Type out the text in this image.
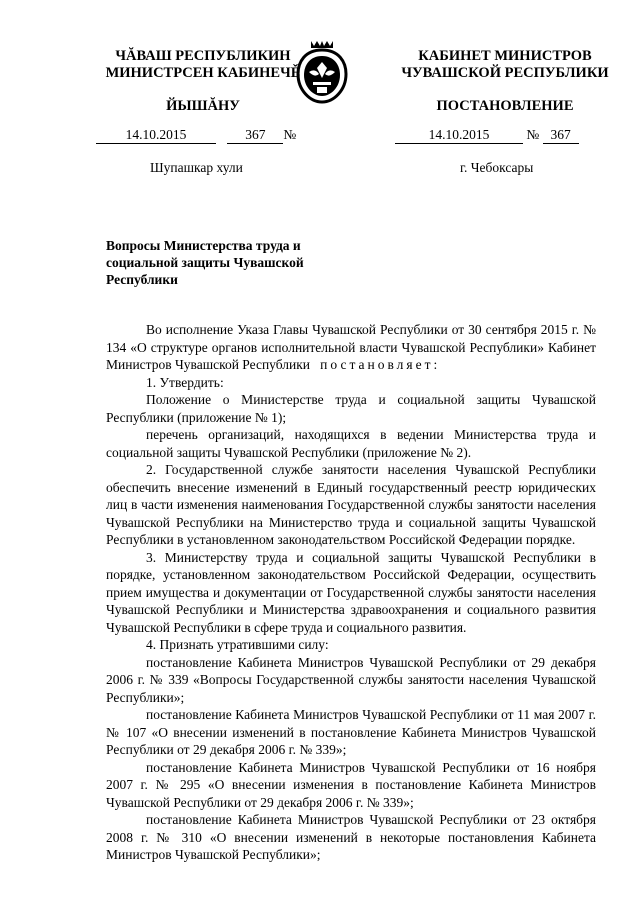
ЧĂВАШ РЕСПУБЛИКИН
МИНИСТРСЕН КАБИНЕЧĚ
ЙЫШĂНУ
КАБИНЕТ МИНИСТРОВ
ЧУВАШСКОЙ РЕСПУБЛИКИ
ПОСТАНОВЛЕНИЕ
14.10.2015	367 №	14.10.2015	№ 367
Шупашкар хули	г. Чебоксары
Вопросы Министерства труда и социальной защиты Чувашской Республики

Во исполнение Указа Главы Чувашской Республики от 30 сентября 2015 г. № 134 «О структуре органов исполнительной власти Чувашской Республики» Кабинет Министров Чувашской Республики постановляет:

1. Утвердить:

Положение о Министерстве труда и социальной защиты Чувашской Республики (приложение № 1);

перечень организаций, находящихся в ведении Министерства труда и социальной защиты Чувашской Республики (приложение № 2).

2. Государственной службе занятости населения Чувашской Республики обеспечить внесение изменений в Единый государственный реестр юридических лиц в части изменения наименования Государственной службы занятости населения Чувашской Республики на Министерство труда и социальной защиты Чувашской Республики в установленном законодательством Российской Федерации порядке.

3. Министерству труда и социальной защиты Чувашской Республики в порядке, установленном законодательством Российской Федерации, осуществить прием имущества и документации от Государственной службы занятости населения Чувашской Республики и Министерства здравоохранения и социального развития Чувашской Республики в сфере труда и социального развития.

4. Признать утратившими силу:

постановление Кабинета Министров Чувашской Республики от 29 декабря 2006 г. № 339 «Вопросы Государственной службы занятости населения Чувашской Республики»;

постановление Кабинета Министров Чувашской Республики от 11 мая 2007 г. № 107 «О внесении изменений в постановление Кабинета Министров Чувашской Республики от 29 декабря 2006 г. № 339»;

постановление Кабинета Министров Чувашской Республики от 16 ноября 2007 г. № 295 «О внесении изменения в постановление Кабинета Министров Чувашской Республики от 29 декабря 2006 г. № 339»;

постановление Кабинета Министров Чувашской Республики от 23 октября 2008 г. № 310 «О внесении изменений в некоторые постановления Кабинета Министров Чувашской Республики»;
